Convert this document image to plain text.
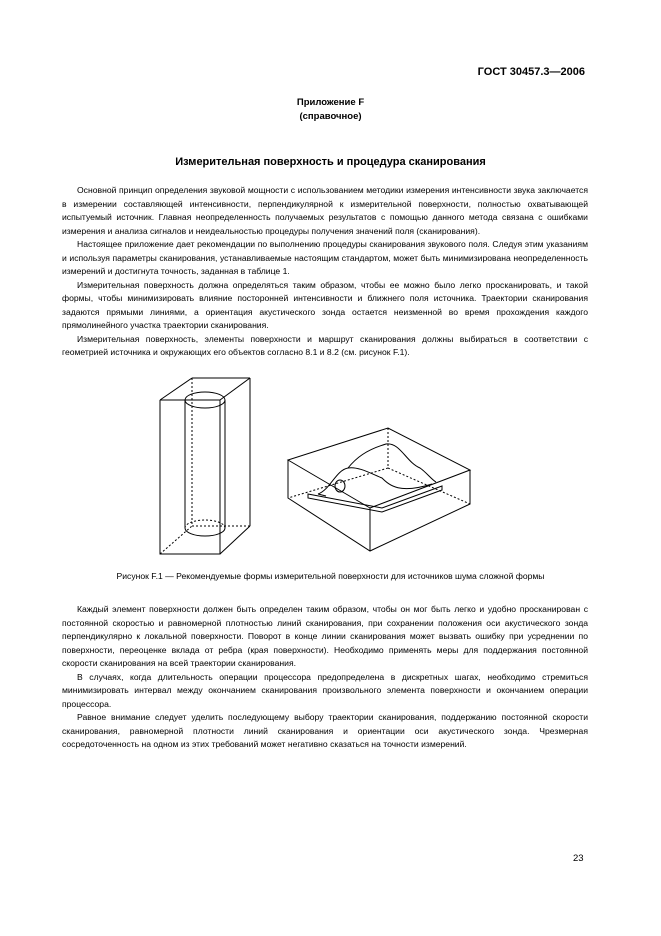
ГОСТ 30457.3—2006
Приложение F
(справочное)
Измерительная поверхность и процедура сканирования

Основной принцип определения звуковой мощности с использованием методики измерения интенсивности звука заключается в измерении составляющей интенсивности, перпендикулярной к измерительной поверхности, полностью охватывающей испытуемый источник. Главная неопределенность получаемых результатов с помощью данного метода связана с ошибками измерения и анализа сигналов и неидеальностью процедуры получения значений поля (сканирования).

Настоящее приложение дает рекомендации по выполнению процедуры сканирования звукового поля. Следуя этим указаниям и используя параметры сканирования, устанавливаемые настоящим стандартом, может быть минимизирована неопределенность измерений и достигнута точность, заданная в таблице 1.

Измерительная поверхность должна определяться таким образом, чтобы ее можно было легко просканировать, и такой формы, чтобы минимизировать влияние посторонней интенсивности и ближнего поля источника. Траектории сканирования задаются прямыми линиями, а ориентация акустического зонда остается неизменной во время прохождения каждого прямолинейного участка траектории сканирования.

Измерительная поверхность, элементы поверхности и маршрут сканирования должны выбираться в соответствии с геометрией источника и окружающих его объектов согласно 8.1 и 8.2 (см. рисунок F.1).

Рисунок F.1 — Рекомендуемые формы измерительной поверхности для источников шума сложной формы

Каждый элемент поверхности должен быть определен таким образом, чтобы он мог быть легко и удобно просканирован с постоянной скоростью и равномерной плотностью линий сканирования, при сохранении положения оси акустического зонда перпендикулярно к локальной поверхности. Поворот в конце линии сканирования может вызвать ошибку при усреднении по поверхности, переоценке вклада от ребра (края поверхности). Необходимо применять меры для поддержания постоянной скорости сканирования на всей траектории сканирования.

В случаях, когда длительность операции процессора предопределена в дискретных шагах, необходимо стремиться минимизировать интервал между окончанием сканирования произвольного элемента поверхности и окончанием операции процессора.

Равное внимание следует уделить последующему выбору траектории сканирования, поддержанию постоянной скорости сканирования, равномерной плотности линий сканирования и ориентации оси акустического зонда. Чрезмерная сосредоточенность на одном из этих требований может негативно сказаться на точности измерений.

23
